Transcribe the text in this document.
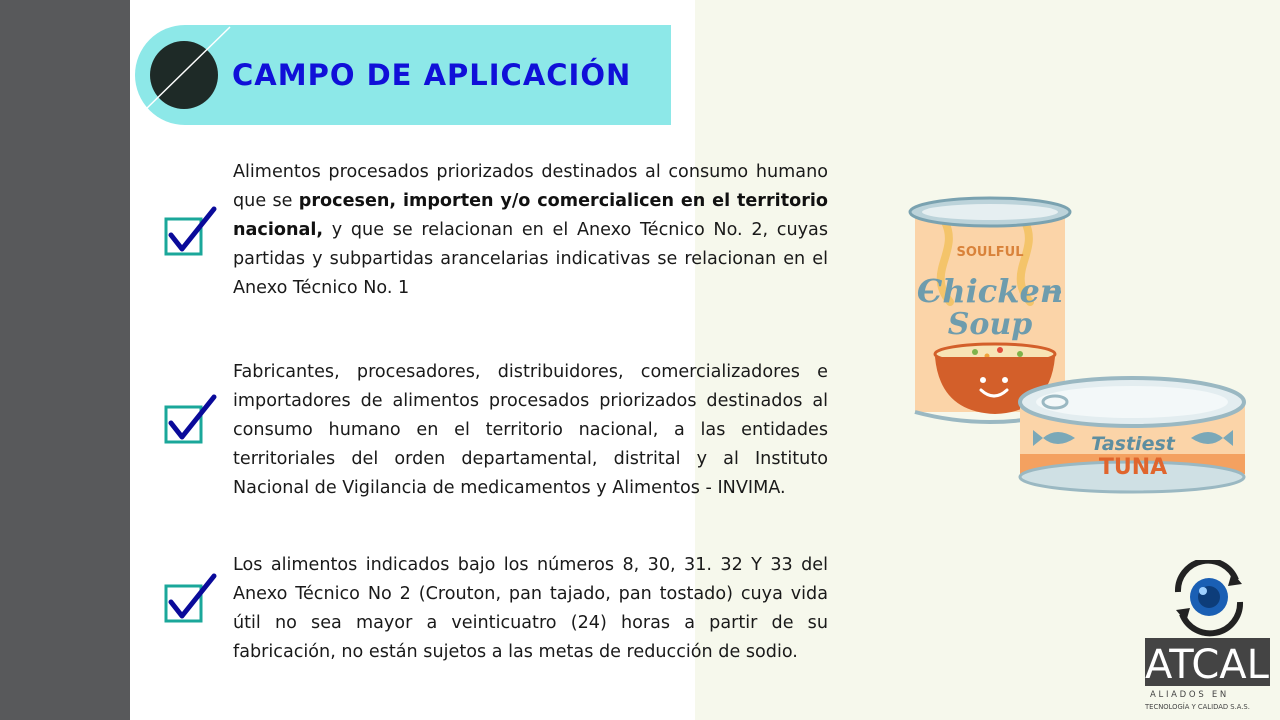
CAMPO DE APLICACIÓN

Alimentos procesados priorizados destinados al consumo humano que se procesen, importen y/o comercialicen en el territorio nacional, y que se relacionan en el Anexo Técnico No. 2, cuyas partidas y subpartidas arancelarias indicativas se relacionan en el Anexo Técnico No. 1

Fabricantes, procesadores, distribuidores, comercializadores e importadores de alimentos procesados priorizados destinados al consumo humano en el territorio nacional, a las entidades territoriales del orden departamental, distrital y al Instituto Nacional de Vigilancia de medicamentos y Alimentos - INVIMA.

Los alimentos indicados bajo los números 8, 30, 31. 32 Y 33 del Anexo Técnico No 2 (Crouton, pan tajado, pan tostado) cuya vida útil no sea mayor a veinticuatro (24) horas a partir de su fabricación, no están sujetos a las metas de reducción de sodio.

SOULFUL
Chicken
Soup
Tastiest
TUNA
ATCAL
A L I A D O S   E N
TECNOLOGÍA Y CALIDAD S.A.S.
